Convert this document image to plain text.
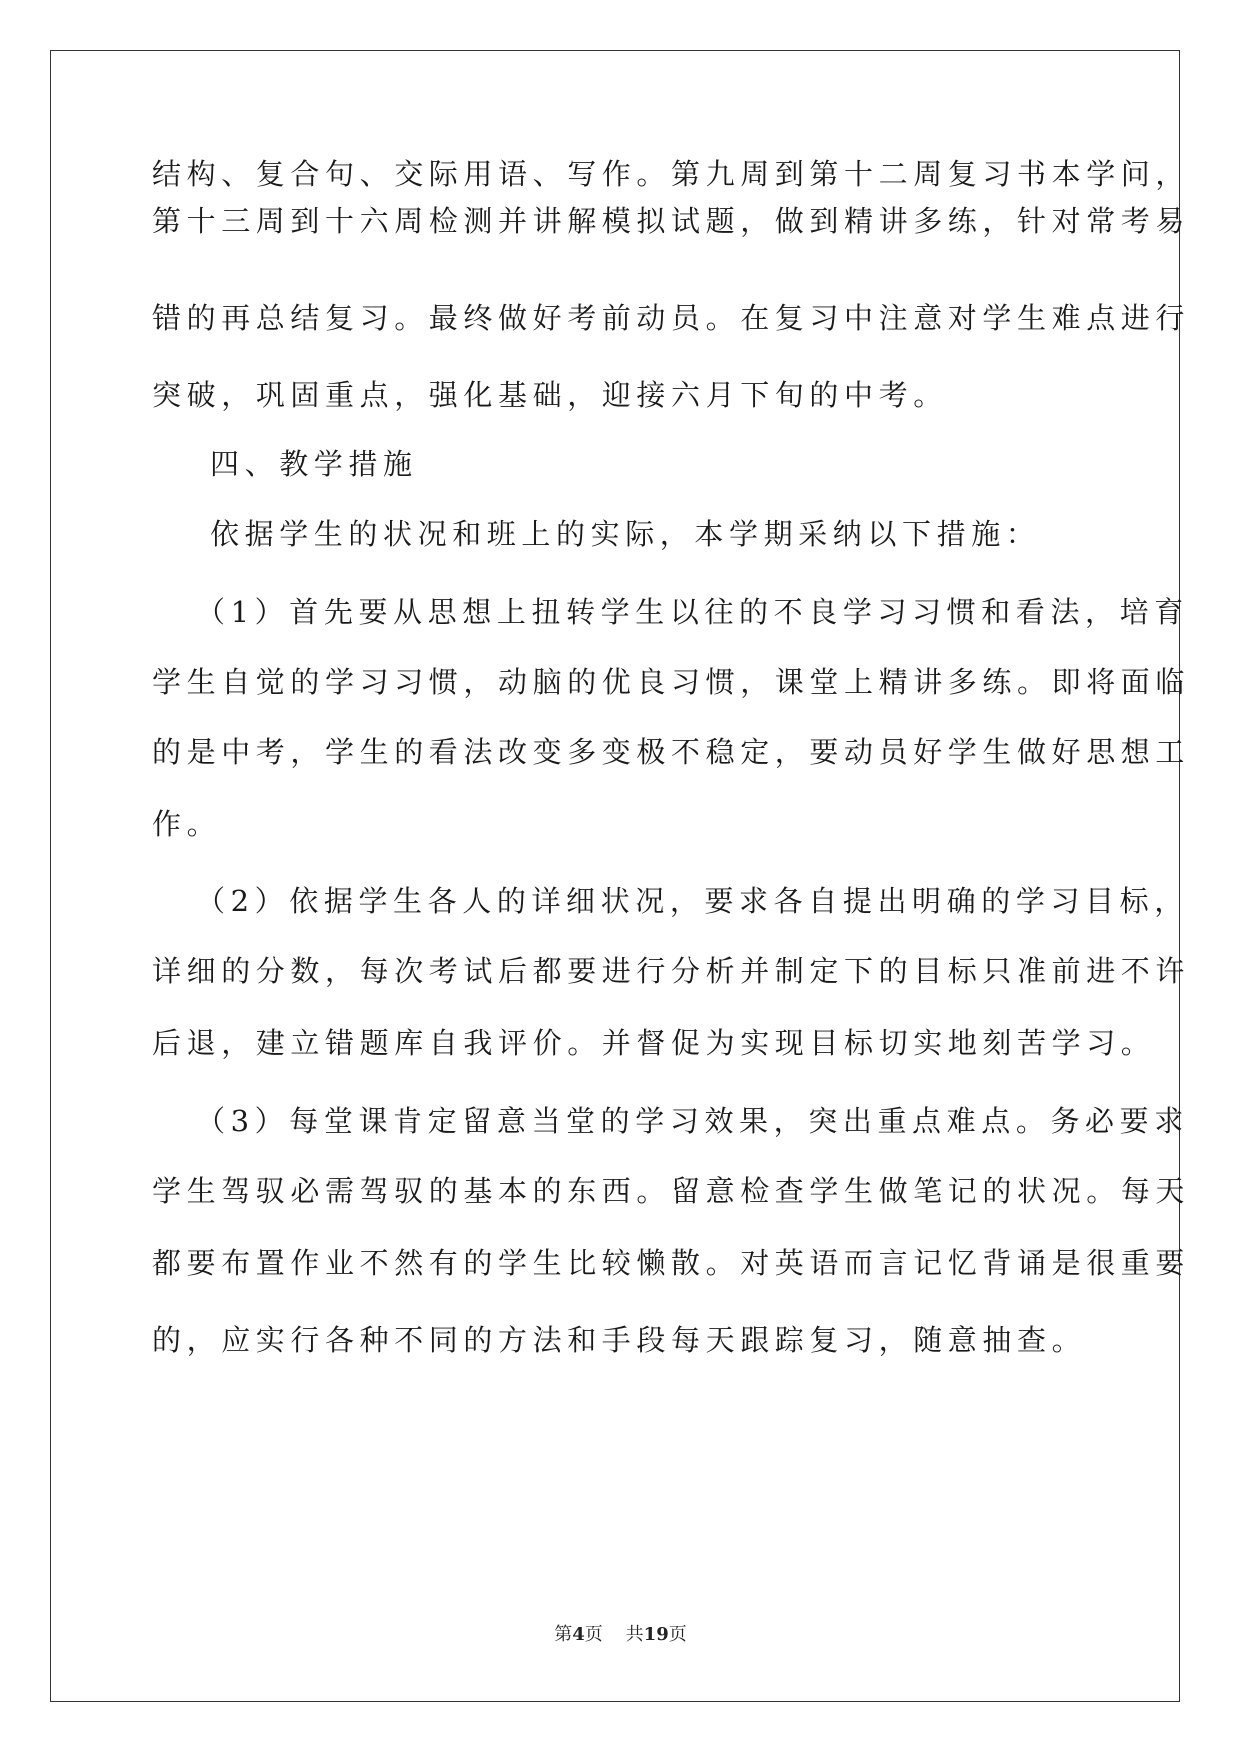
结构、复合句、交际用语、写作。第九周到第十二周复习书本学问，
第十三周到十六周检测并讲解模拟试题，做到精讲多练，针对常考易
错的再总结复习。最终做好考前动员。在复习中注意对学生难点进行
突破，巩固重点，强化基础，迎接六月下旬的中考。
四、教学措施
依据学生的状况和班上的实际，本学期采纳以下措施：
（1）首先要从思想上扭转学生以往的不良学习习惯和看法，培育
学生自觉的学习习惯，动脑的优良习惯，课堂上精讲多练。即将面临
的是中考，学生的看法改变多变极不稳定，要动员好学生做好思想工
作。
（2）依据学生各人的详细状况，要求各自提出明确的学习目标，
详细的分数，每次考试后都要进行分析并制定下的目标只准前进不许
后退，建立错题库自我评价。并督促为实现目标切实地刻苦学习。
（3）每堂课肯定留意当堂的学习效果，突出重点难点。务必要求
学生驾驭必需驾驭的基本的东西。留意检查学生做笔记的状况。每天
都要布置作业不然有的学生比较懒散。对英语而言记忆背诵是很重要
的，应实行各种不同的方法和手段每天跟踪复习，随意抽查。
第4页    共19页
